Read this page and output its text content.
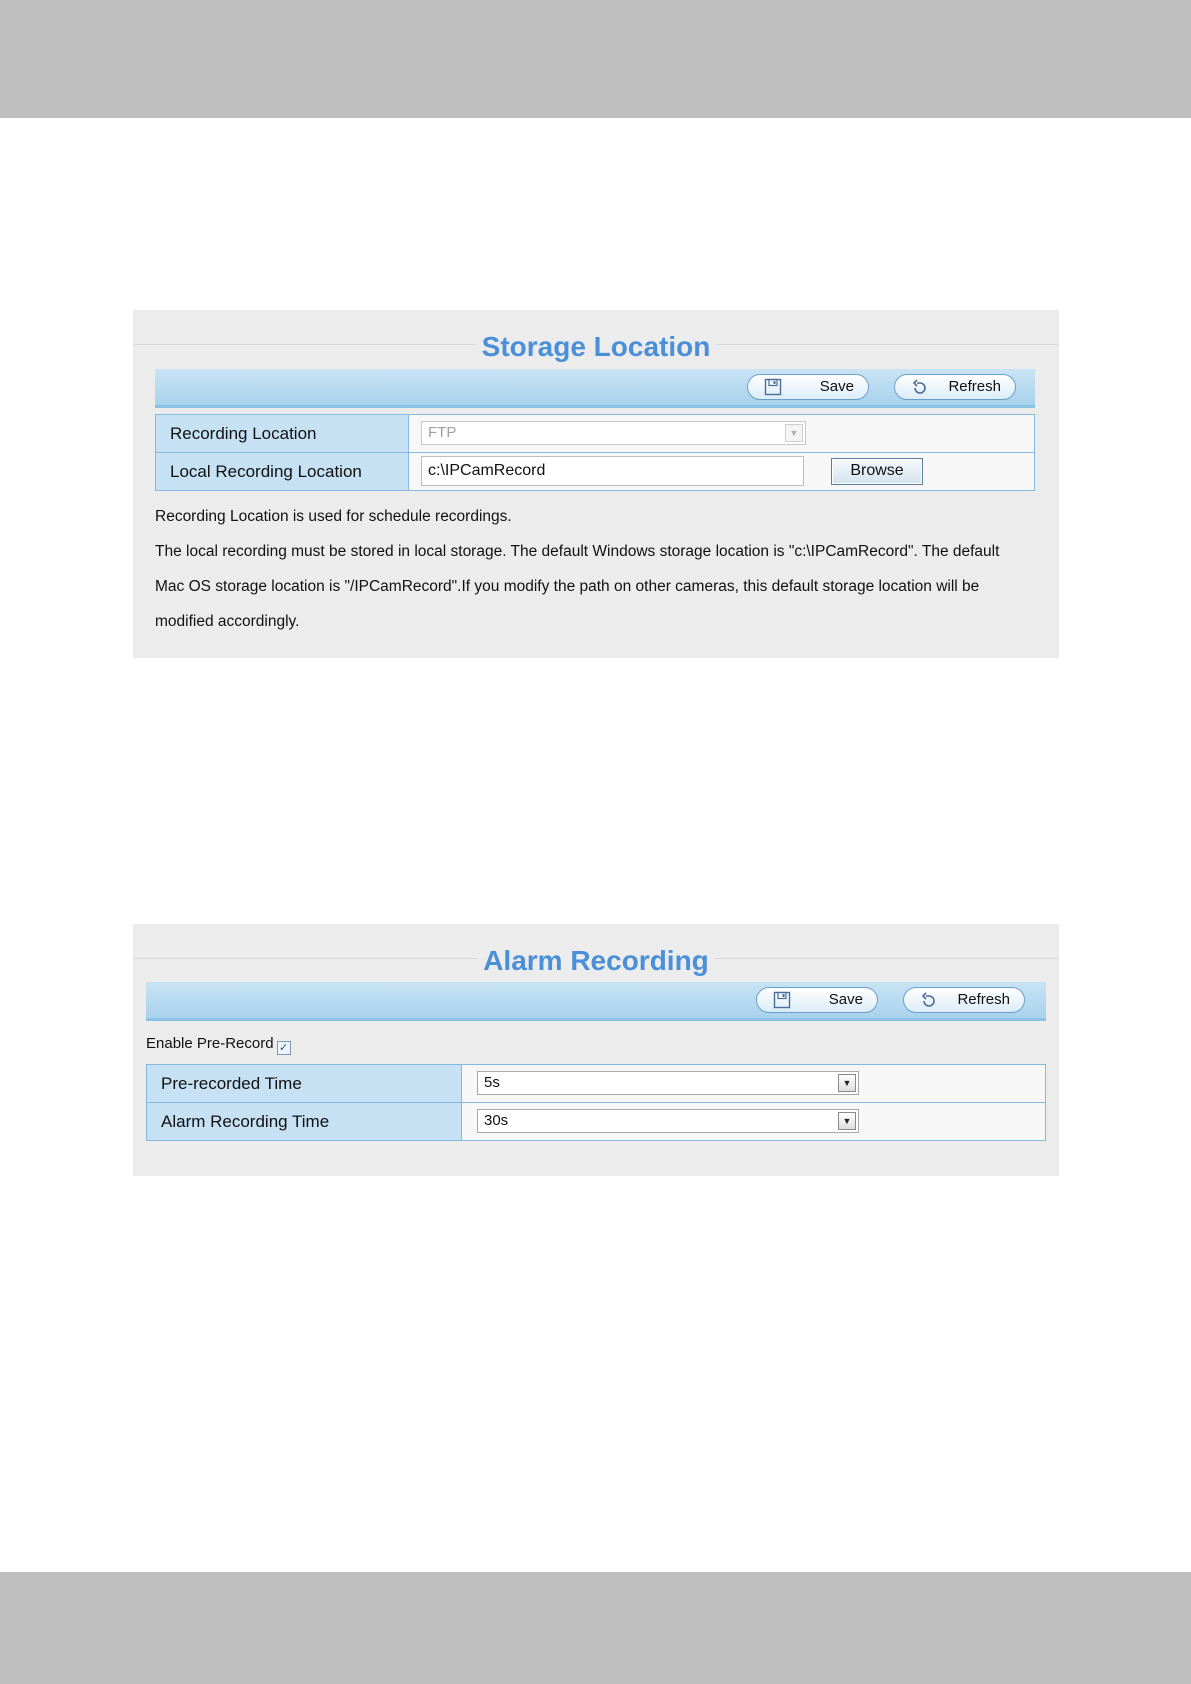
Storage Location
Save	Refresh
Recording Location	FTP ▼

Local Recording Location	c:\IPCamRecord Browse
Recording Location is used for schedule recordings.
The local recording must be stored in local storage. The default Windows storage location is "c:\IPCamRecord". The default
Mac OS storage location is "/IPCamRecord".If you modify the path on other cameras, this default storage location will be
modified accordingly.
Alarm Recording
Save	Refresh
Enable Pre-Record ✓
Pre-recorded Time	5s ▼

Alarm Recording Time	30s ▼
